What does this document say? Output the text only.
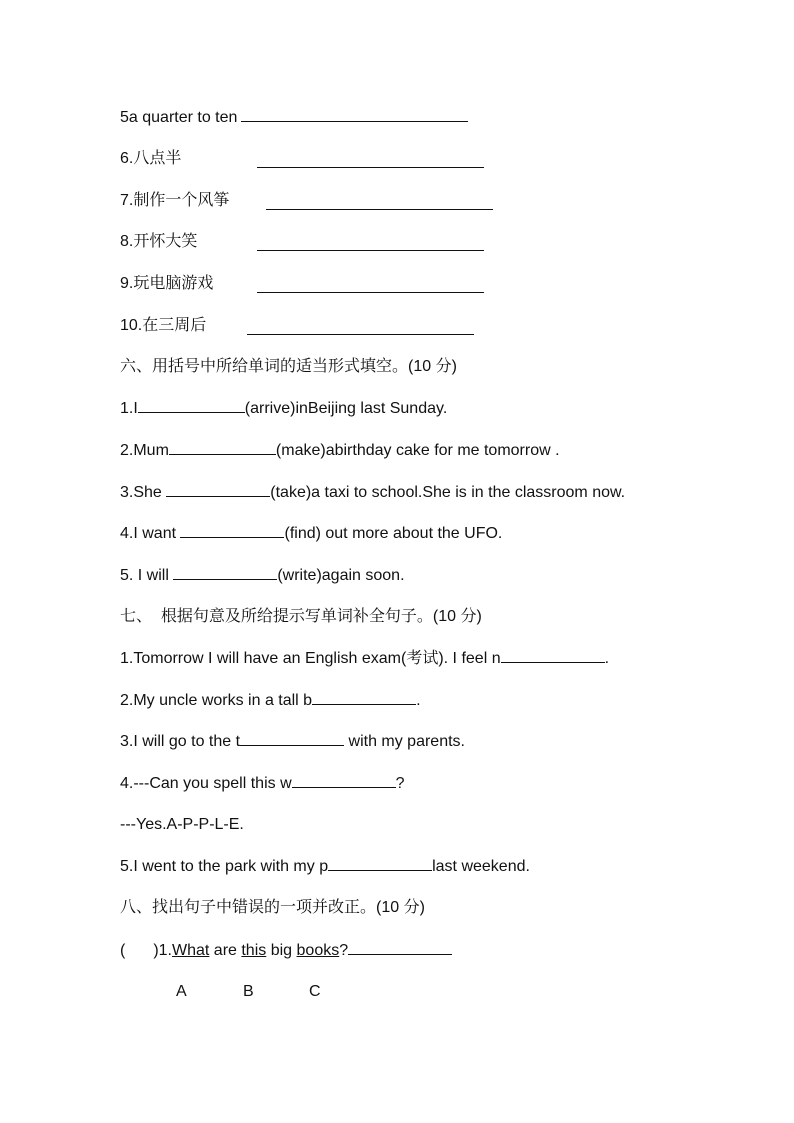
5a quarter to ten
6.八点半
7.制作一个风筝
8.开怀大笑
9.玩电脑游戏
10.在三周后
六、用括号中所给单词的适当形式填空。(10 分)
1.I	(arrive)inBeijing last Sunday.
2.Mum	(make)abirthday cake for me tomorrow .
3.She	(take)a taxi to school.She is in the classroom now.
4.I want	(find) out more about the UFO.
5. I will	(write)again soon.
七、  根据句意及所给提示写单词补全句子。(10 分)
1.Tomorrow I will have an English exam(考试). I feel n	.
2.My uncle works in a tall b	.
3.I will go to the t	with my parents.
4.---Can you spell this w	?
---Yes.A-P-P-L-E.
5.I went to the park with my p	last weekend.
八、找出句子中错误的一项并改正。(10 分)
( )1.What are this big books?
A	B	C
